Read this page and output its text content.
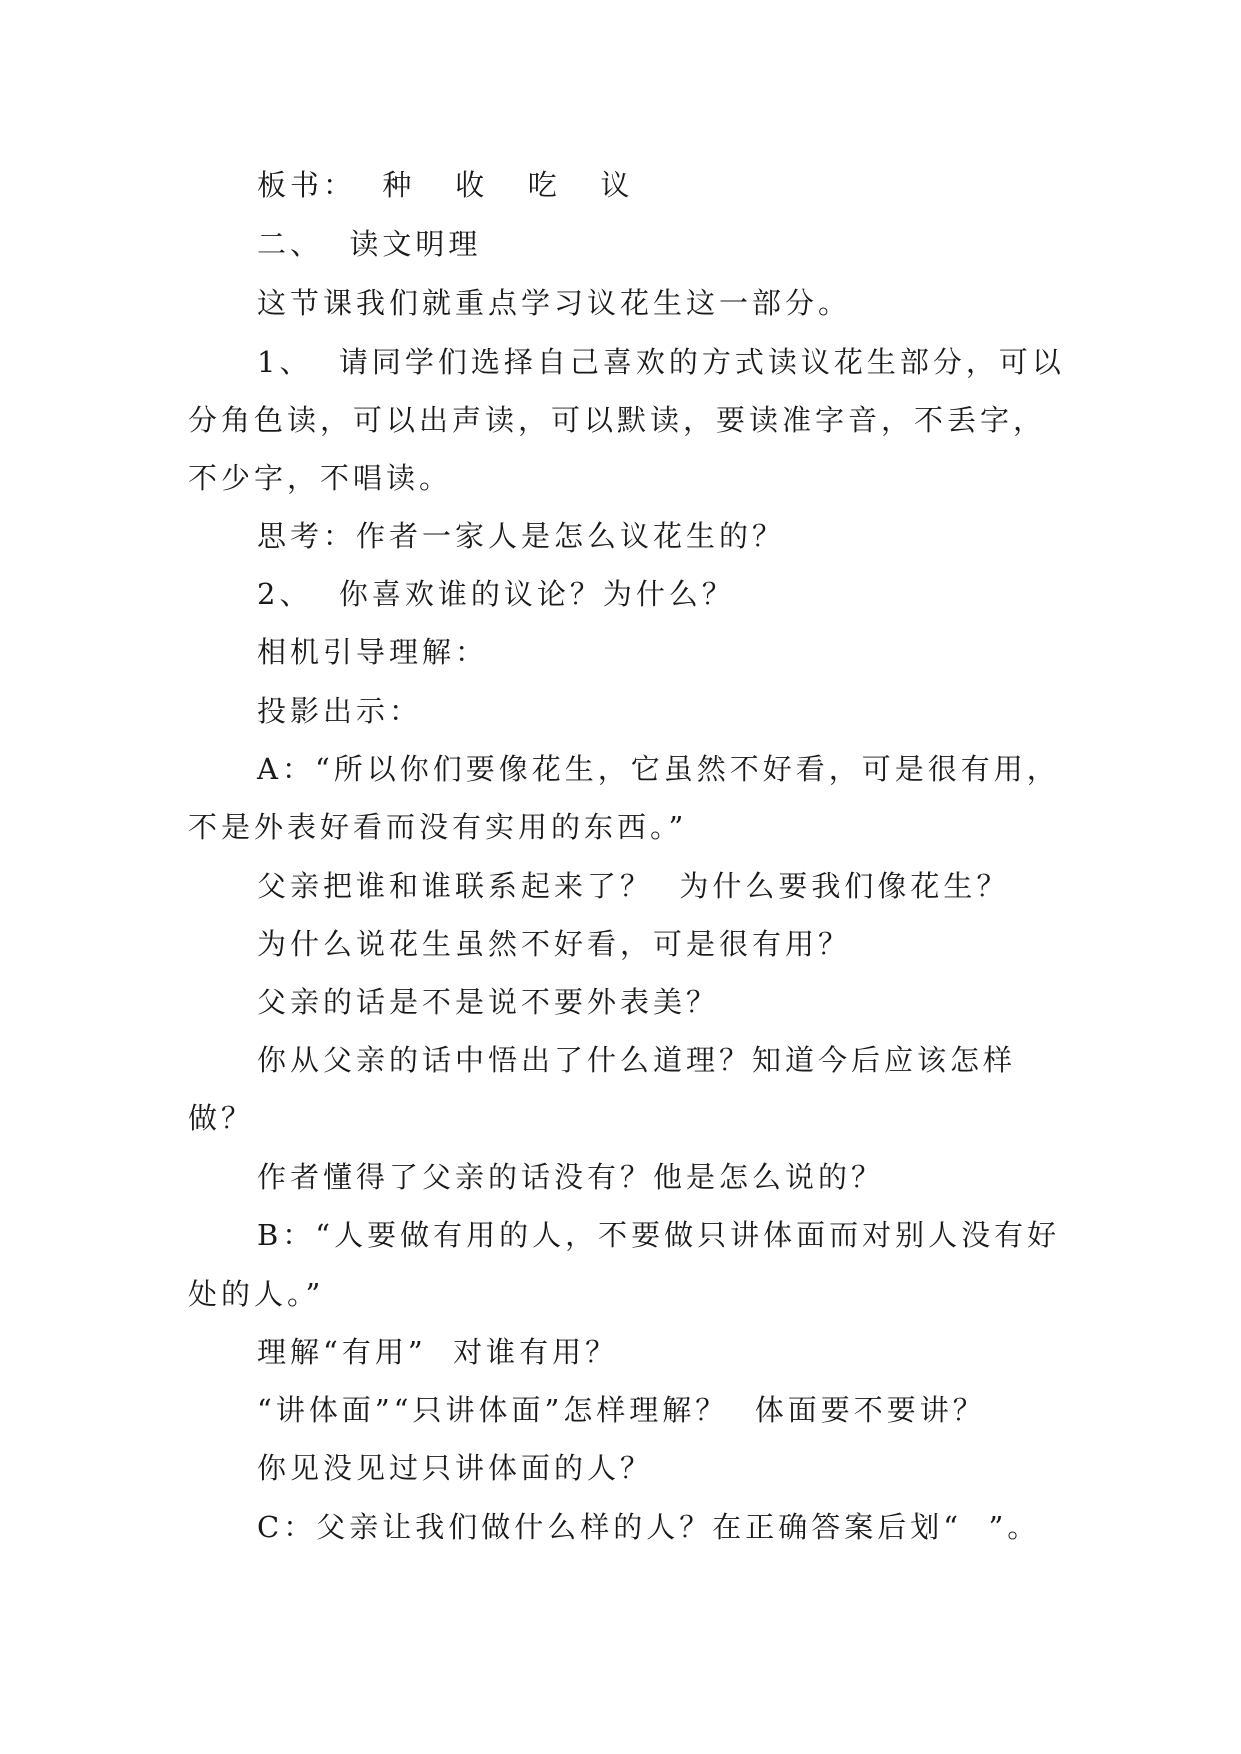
板书：  种   收   吃   议
二、  读文明理
这节课我们就重点学习议花生这一部分。
1、  请同学们选择自己喜欢的方式读议花生部分，可以
分角色读，可以出声读，可以默读，要读准字音，不丢字，
不少字，不唱读。
思考：作者一家人是怎么议花生的？
2、  你喜欢谁的议论？为什么？
相机引导理解：
投影出示：
A：“所以你们要像花生，它虽然不好看，可是很有用，
不是外表好看而没有实用的东西。”
父亲把谁和谁联系起来了？  为什么要我们像花生？
为什么说花生虽然不好看，可是很有用？
父亲的话是不是说不要外表美？
你从父亲的话中悟出了什么道理？知道今后应该怎样
做？
作者懂得了父亲的话没有？他是怎么说的？
B：“人要做有用的人，不要做只讲体面而对别人没有好
处的人。”
理解“有用”  对谁有用？
“讲体面”“只讲体面”怎样理解？  体面要不要讲？
你见没见过只讲体面的人？
C：父亲让我们做什么样的人？在正确答案后划“  ”。
